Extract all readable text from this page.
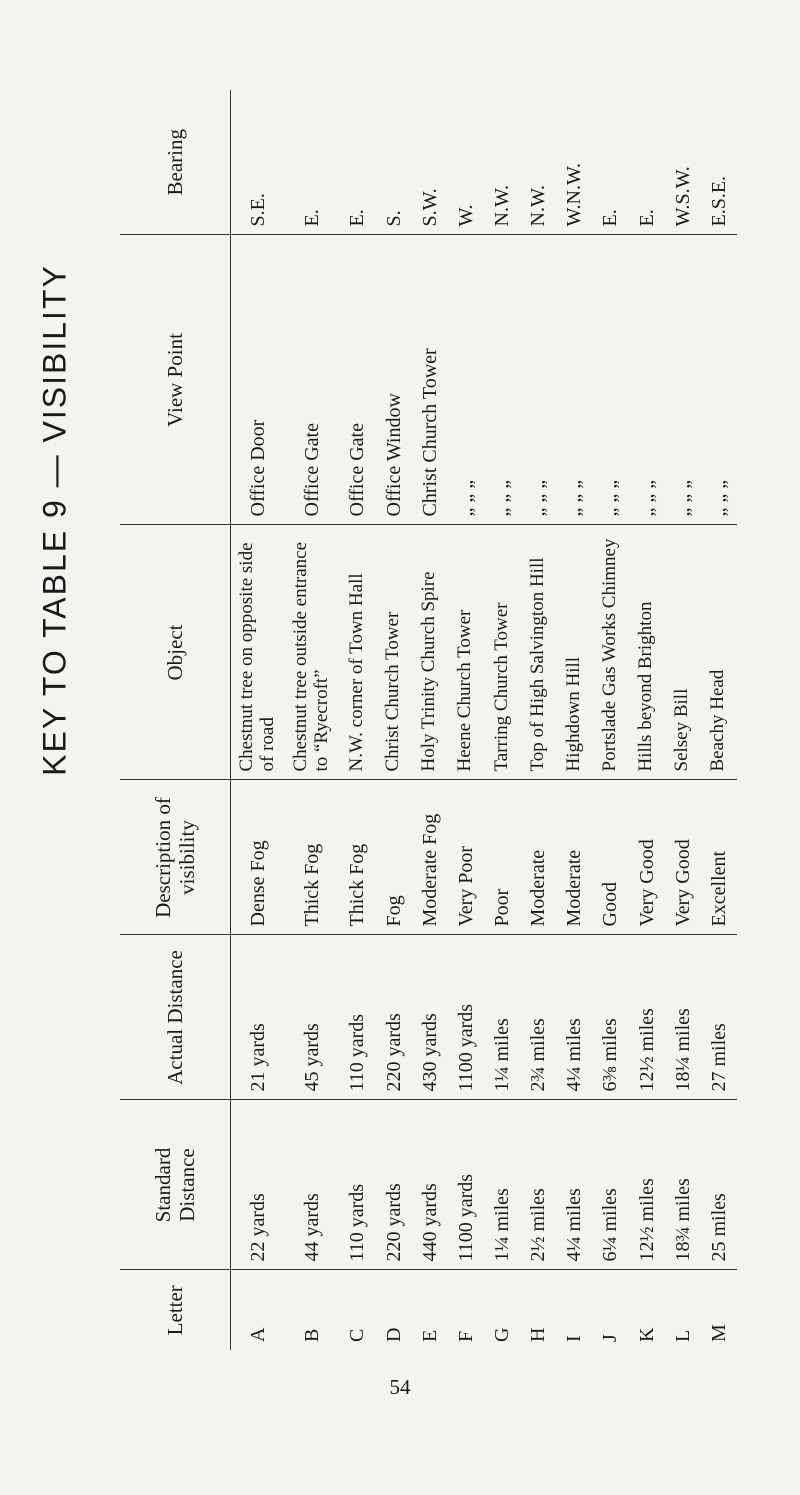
KEY TO TABLE 9 — VISIBILITY
Letter	Standard Distance	Actual Distance	Description of visibility	Object	View Point	Bearing
A	22 yards	21 yards	Dense Fog	Chestnut tree on opposite side of road	Office Door	S.E.
B	44 yards	45 yards	Thick Fog	Chestnut tree outside entrance to “Ryecroft”	Office Gate	E.
C	110 yards	110 yards	Thick Fog	N.W. corner of Town Hall	Office Gate	E.
D	220 yards	220 yards	Fog	Christ Church Tower	Office Window	S.
E	440 yards	430 yards	Moderate Fog	Holy Trinity Church Spire	Christ Church Tower	S.W.
F	1100 yards	1100 yards	Very Poor	Heene Church Tower	„ „ „	W.
G	1¼ miles	1¼ miles	Poor	Tarring Church Tower	„ „ „	N.W.
H	2½ miles	2¾ miles	Moderate	Top of High Salvington Hill	„ „ „	N.W.
I	4¼ miles	4¼ miles	Moderate	Highdown Hill	„ „ „	W.N.W.
J	6¼ miles	6⅜ miles	Good	Portslade Gas Works Chimney	„ „ „	E.
K	12½ miles	12½ miles	Very Good	Hills beyond Brighton	„ „ „	E.
L	18¾ miles	18¼ miles	Very Good	Selsey Bill	„ „ „	W.S.W.
M	25 miles	27 miles	Excellent	Beachy Head	„ „ „	E.S.E.
54
